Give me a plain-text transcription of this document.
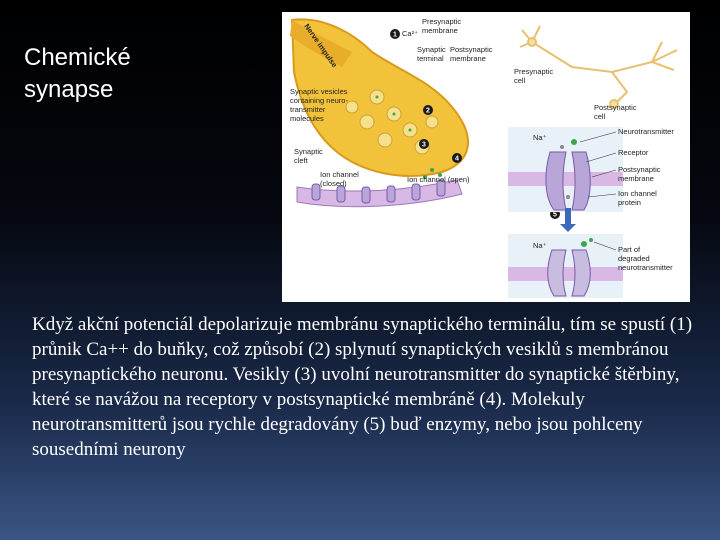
Chemické
synapse
1
2
3
4
5
Nerve impulse	Ca²⁺
Presynaptic
membrane
Synaptic
terminal
Postsynaptic
membrane
Synaptic vesicles
containing neuro-
transmitter
molecules
Synaptic
cleft
Ion channel
(closed)	Ion channel (open)
Presynaptic
cell
Postsynaptic
cell
Na⁺
Neurotransmitter
Receptor
Postsynaptic
membrane
Ion channel
protein
Na⁺	Part of
degraded
neurotransmitter
Když akční potenciál depolarizuje membránu synaptického terminálu, tím se spustí (1) průnik Ca++ do buňky, což způsobí (2) splynutí synaptických vesiklů s membránou presynaptického neuronu. Vesikly (3) uvolní neurotransmitter do synaptické štěrbiny, které se navážou na receptory v postsynaptické membráně (4). Molekuly neurotransmitterů jsou rychle degradovány (5) buď enzymy, nebo jsou pohlceny sousedními neurony
